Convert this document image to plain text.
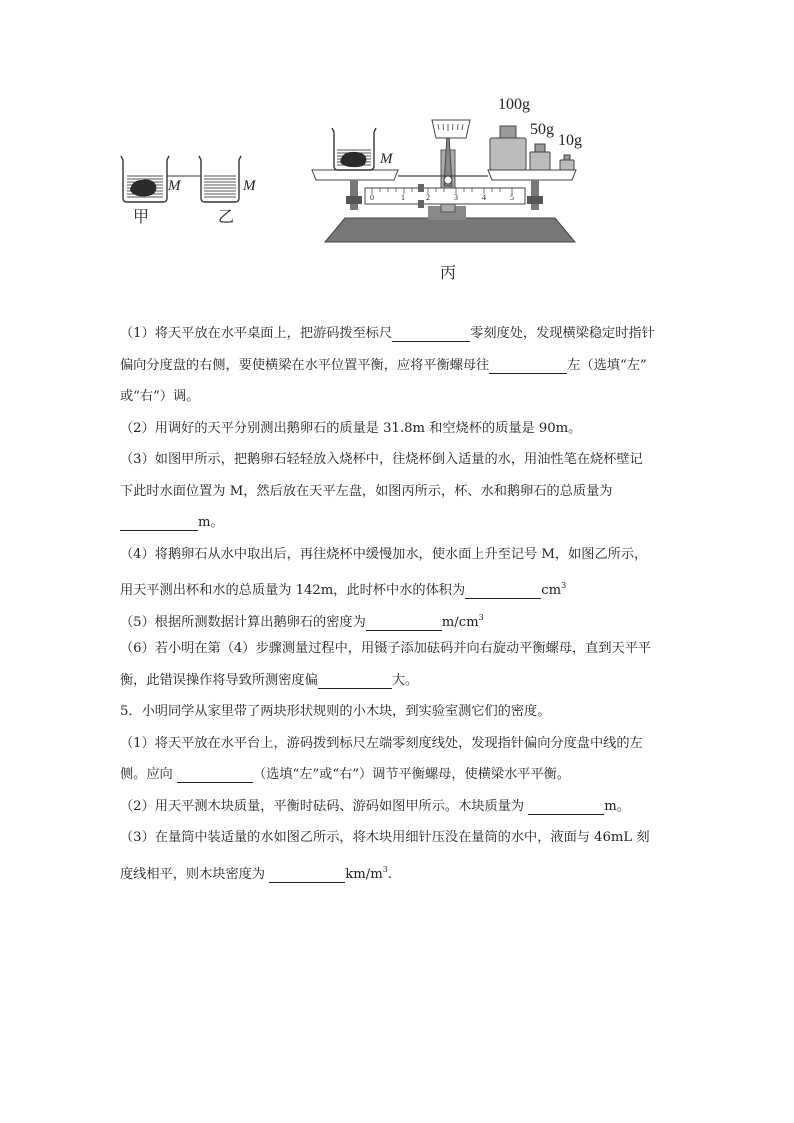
甲	乙
丙
M	M
M
100g
50g
10g
0	1	2	3	4	5
（1）将天平放在水平桌面上，把游码拨至标尺	零刻度处，发现横梁稳定时指针
偏向分度盘的右侧，要使横梁在水平位置平衡，应将平衡螺母往	左（选填“左”
或“右”）调。
（2）用调好的天平分别测出鹅卵石的质量是 31.8m 和空烧杯的质量是 90m。
（3）如图甲所示，把鹅卵石轻轻放入烧杯中，往烧杯倒入适量的水，用油性笔在烧杯壁记
下此时水面位置为 M，然后放在天平左盘，如图丙所示，杯、水和鹅卵石的总质量为
m。
（4）将鹅卵石从水中取出后，再往烧杯中缓慢加水，使水面上升至记号 M，如图乙所示，
用天平测出杯和水的总质量为 142m，此时杯中水的体积为	$cm^3$
（5）根据所测数据计算出鹅卵石的密度为	$m/cm^3$
（6）若小明在第（4）步骤测量过程中，用镊子添加砝码并向右旋动平衡螺母，直到天平平
衡，此错误操作将导致所测密度偏	大。
5．小明同学从家里带了两块形状规则的小木块，到实验室测它们的密度。
（1）将天平放在水平台上，游码拨到标尺左端零刻度线处，发现指针偏向分度盘中线的左
侧。应向	（选填“左”或“右”）调节平衡螺母，使横梁水平平衡。
（2）用天平测木块质量，平衡时砝码、游码如图甲所示。木块质量为	m。
（3）在量筒中装适量的水如图乙所示，将木块用细针压没在量筒的水中，液面与 46mL 刻
度线相平，则木块密度为	$km/m^3$.
